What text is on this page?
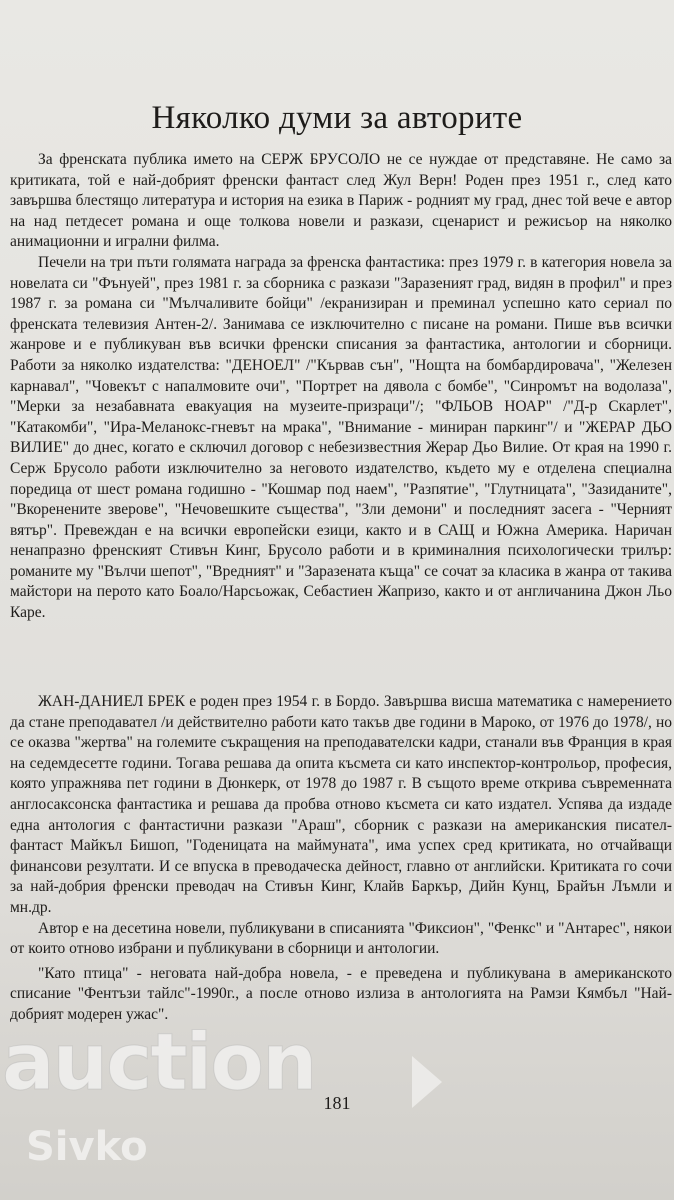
Няколко думи за авторите

За френската публика името на СЕРЖ БРУСОЛО не се нуждае от представяне. Не само за критиката, той е най-добрият френски фантаст след Жул Верн! Роден през 1951 г., след като завършва блестящо литература и история на езика в Париж - родният му град, днес той вече е автор на над петдесет романа и още толкова новели и разкази, сценарист и режисьор на няколко анимационни и игрални филма.

Печели на три пъти голямата награда за френска фантастика: през 1979 г. в категория новела за новелата си "Фънуей", през 1981 г. за сборника с разкази "Заразеният град, видян в профил" и през 1987 г. за романа си "Мълчаливите бойци" /екранизиран и преминал успешно като сериал по френската телевизия Антен-2/. Занимава се изключително с писане на романи. Пише във всички жанрове и е публикуван във всички френски списания за фантастика, антологии и сборници. Работи за няколко издателства: "ДЕНОЕЛ" /"Кървав сън", "Нощта на бомбардировача", "Железен карнавал", "Човекът с напалмовите очи", "Портрет на дявола с бомбе", "Синромът на водолаза", "Мерки за незабавната евакуация на музеите-призраци"/; "ФЛЬОВ НОАР" /"Д-р Скарлет", "Катакомби", "Ира-Меланокс-гневът на мрака", "Внимание - миниран паркинг"/ и "ЖЕРАР ДЬО ВИЛИЕ" до днес, когато е сключил договор с небезизвестния Жерар Дьо Вилие. От края на 1990 г. Серж Брусоло работи изключително за неговото издателство, където му е отделена специална поредица от шест романа годишно - "Кошмар под наем", "Разпятие", "Глутницата", "Зазиданите", "Вкоренените зверове", "Нечовешките същества", "Зли демони" и последният засега - "Черният вятър". Превеждан е на всички европейски езици, както и в САЩ и Южна Америка. Наричан ненапразно френският Стивън Кинг, Брусоло работи и в криминалния психологически трилър: романите му "Вълчи шепот", "Вредният" и "Заразената къща" се сочат за класика в жанра от такива майстори на перото като Боало/Нарсьожак, Себастиен Жапризо, както и от англичанина Джон Льо Каре.

ЖАН-ДАНИЕЛ БРЕК е роден през 1954 г. в Бордо. Завършва висша математика с намерението да стане преподавател /и действително работи като такъв две години в Мароко, от 1976 до 1978/, но се оказва "жертва" на големите съкращения на преподавателски кадри, станали във Франция в края на седемдесетте години. Тогава решава да опита късмета си като инспектор-контрольор, професия, която упражнява пет години в Дюнкерк, от 1978 до 1987 г. В същото време открива съвременната англосаксонска фантастика и решава да пробва отново късмета си като издател. Успява да издаде една антология с фантастични разкази "Араш", сборник с разкази на американския писател-фантаст Майкъл Бишоп, "Годеницата на маймуната", има успех сред критиката, но отчайващи финансови резултати. И се впуска в преводаческа дейност, главно от английски. Критиката го сочи за най-добрия френски преводач на Стивън Кинг, Клайв Баркър, Дийн Кунц, Брайън Лъмли и мн.др.

Автор е на десетина новели, публикувани в списанията "Фиксион", "Фенкс" и "Антарес", някои от които отново избрани и публикувани в сборници и антологии.

"Като птица" - неговата най-добра новела, - е преведена и публикувана в американското списание "Фентъзи тайлс"-1990г., а после отново излиза в антологията на Рамзи Кямбъл "Най-добрият модерен ужас".

181
auction
Sivko
